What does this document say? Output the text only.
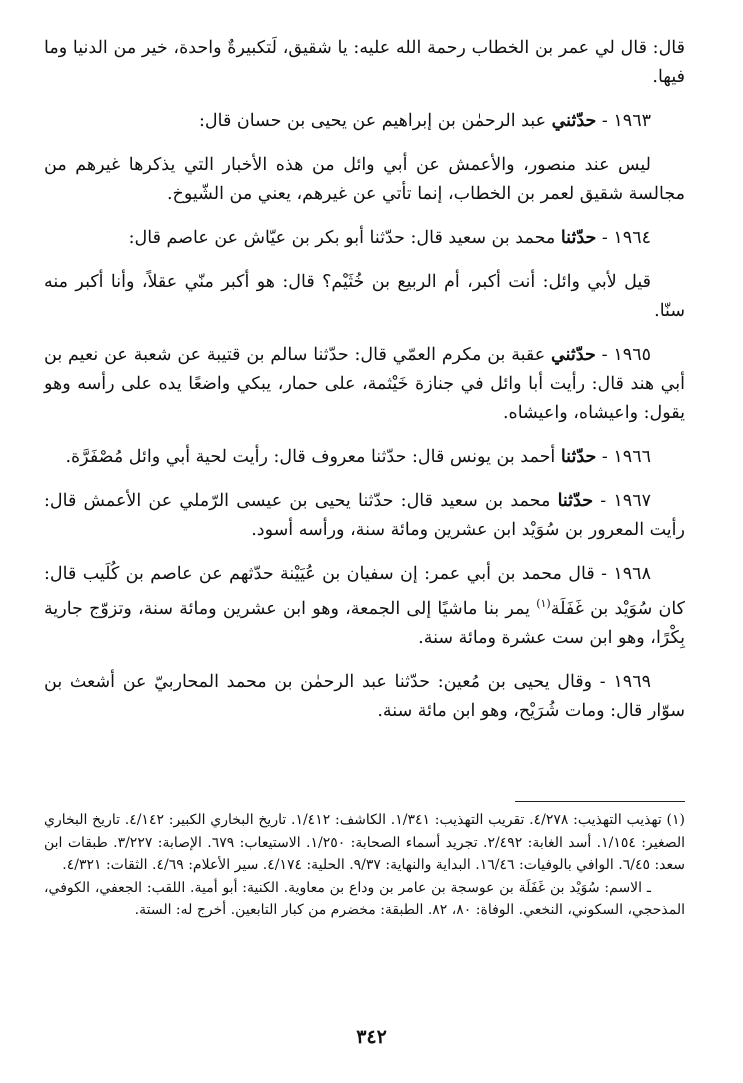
قال: قال لي عمر بن الخطاب رحمة الله عليه: يا شقيق، لَتكبيرةٌ واحدة، خير من الدنيا وما فيها.

١٩٦٣ - حدّثني عبد الرحمٰن بن إبراهيم عن يحيى بن حسان قال:

ليس عند منصور، والأعمش عن أبي وائل من هذه الأخبار التي يذكرها غيرهم من مجالسة شقيق لعمر بن الخطاب، إنما تأتي عن غيرهم، يعني من الشّيوخ.

١٩٦٤ - حدّثنا محمد بن سعيد قال: حدّثنا أبو بكر بن عيّاش عن عاصم قال:

قيل لأبي وائل: أنت أكبر، أم الربيع بن خُثَيْم؟ قال: هو أكبر منّي عقلاً، وأنا أكبر منه سنّا.

١٩٦٥ - حدّثني عقبة بن مكرم العمّي قال: حدّثنا سالم بن قتيبة عن شعبة عن نعيم بن أبي هند قال: رأيت أبا وائل في جنازة خَيْثمة، على حمار، يبكي واضعًا يده على رأسه وهو يقول: واعيشاه، واعيشاه.

١٩٦٦ - حدّثنا أحمد بن يونس قال: حدّثنا معروف قال: رأيت لحية أبي وائل مُصْفَرَّة.

١٩٦٧ - حدّثنا محمد بن سعيد قال: حدّثنا يحيى بن عيسى الرّملي عن الأعمش قال: رأيت المعرور بن سُوَيْد ابن عشرين ومائة سنة، ورأسه أسود.

١٩٦٨ - قال محمد بن أبي عمر: إن سفيان بن عُيَيْنة حدّثهم عن عاصم بن كُلَيب قال: كان سُوَيْد بن غَفَلَة$^{(١)}$ يمر بنا ماشيًا إلى الجمعة، وهو ابن عشرين ومائة سنة، وتزوّج جارية بِكْرًا، وهو ابن ست عشرة ومائة سنة.

١٩٦٩ - وقال يحيى بن مُعين: حدّثنا عبد الرحمٰن بن محمد المحاربيّ عن أشعث بن سوّار قال: ومات شُرَيْح، وهو ابن مائة سنة.

(١) تهذيب التهذيب: ٤/٢٧٨. تقريب التهذيب: ١/٣٤١. الكاشف: ١/٤١٢. تاريخ البخاري الكبير: ٤/١٤٢. تاريخ البخاري الصغير: ١/١٥٤. أسد الغابة: ٢/٤٩٢. تجريد أسماء الصحابة: ١/٢٥٠. الاستيعاب: ٦٧٩. الإصابة: ٣/٢٢٧. طبقات ابن سعد: ٦/٤٥. الوافي بالوفيات: ١٦/٤٦. البداية والنهاية: ٩/٣٧. الحلية: ٤/١٧٤. سير الأعلام: ٤/٦٩. الثقات: ٤/٣٢١.

ـ الاسم: سُوَيْد بن غَفَلَة بن عوسجة بن عامر بن وداع بن معاوية. الكنية: أبو أمية. اللقب: الجعفي، الكوفي، المذحجي، السكوني، النخعي. الوفاة: ٨٠، ٨٢. الطبقة: مخضرم من كبار التابعين. أخرج له: الستة.

٣٤٢
